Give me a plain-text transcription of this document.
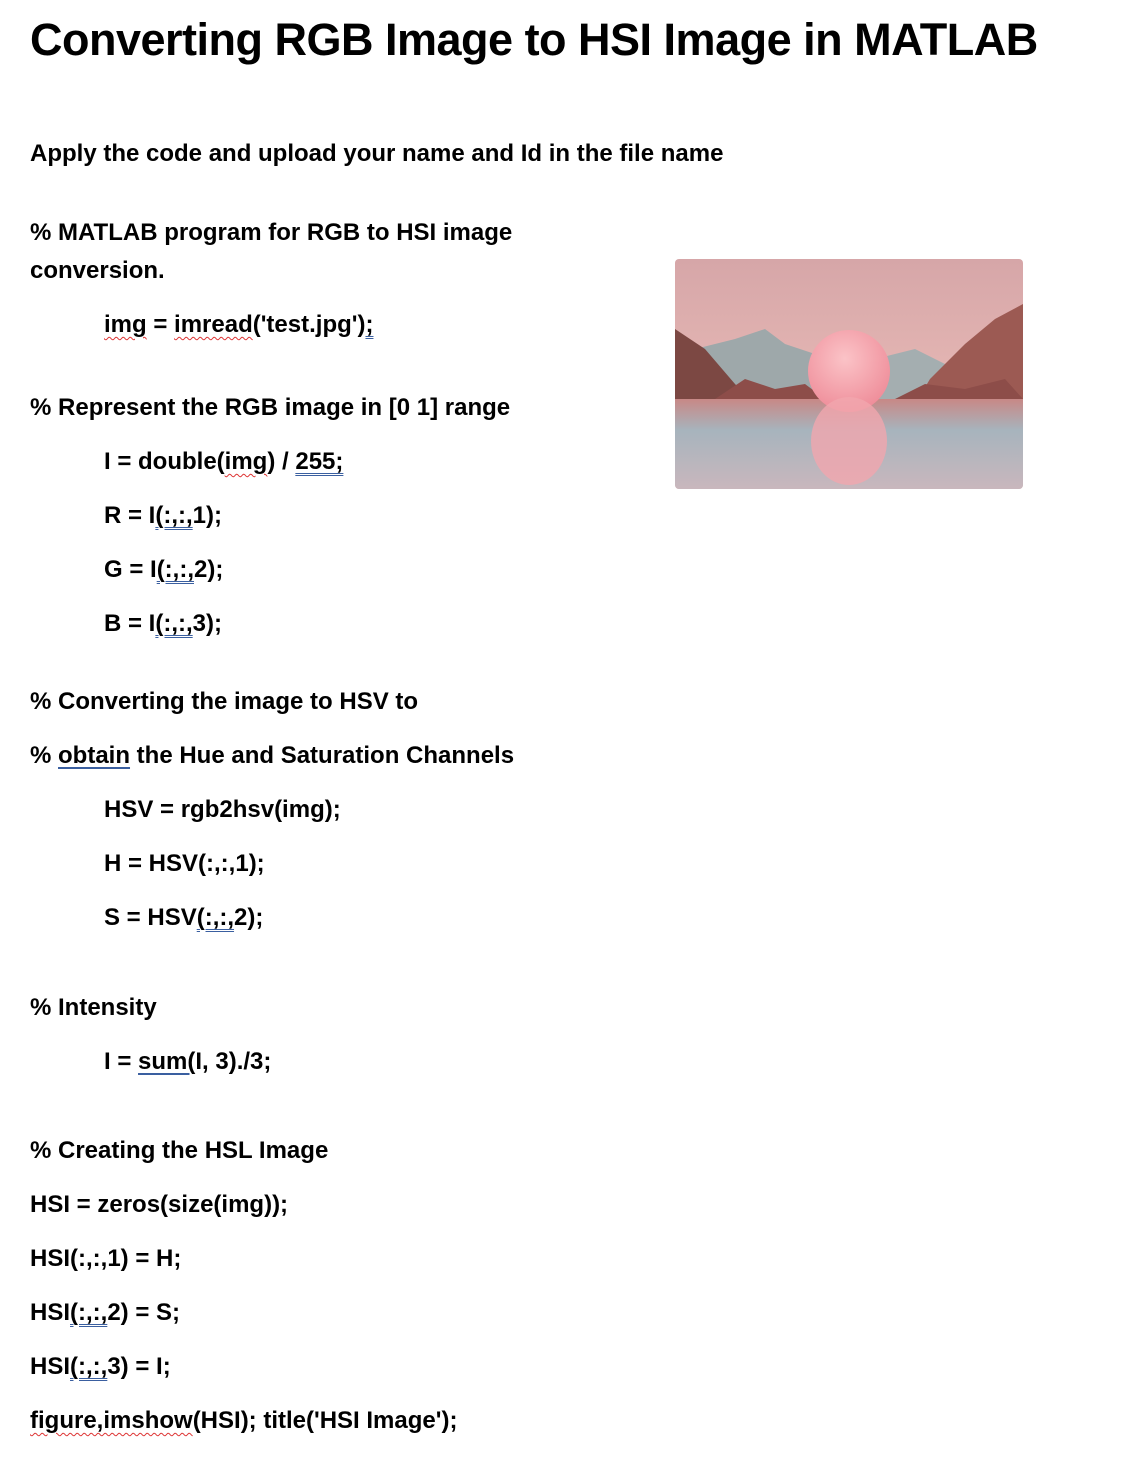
Converting RGB Image to HSI Image in MATLAB
Apply the code and upload your name and Id in the file name
% MATLAB program for RGB to HSI image
conversion.
img = imread('test.jpg');
% Represent the RGB image in [0 1] range
I = double(img) / 255;
R = I(:,:,1);
G = I(:,:,2);
B = I(:,:,3);
% Converting the image to HSV to
% obtain the Hue and Saturation Channels
HSV = rgb2hsv(img);
H = HSV(:,:,1);
S = HSV(:,:,2);
% Intensity
I = sum(I, 3)./3;
% Creating the HSL Image
HSI = zeros(size(img));
HSI(:,:,1) = H;
HSI(:,:,2) = S;
HSI(:,:,3) = I;
figure,imshow(HSI); title('HSI Image');
